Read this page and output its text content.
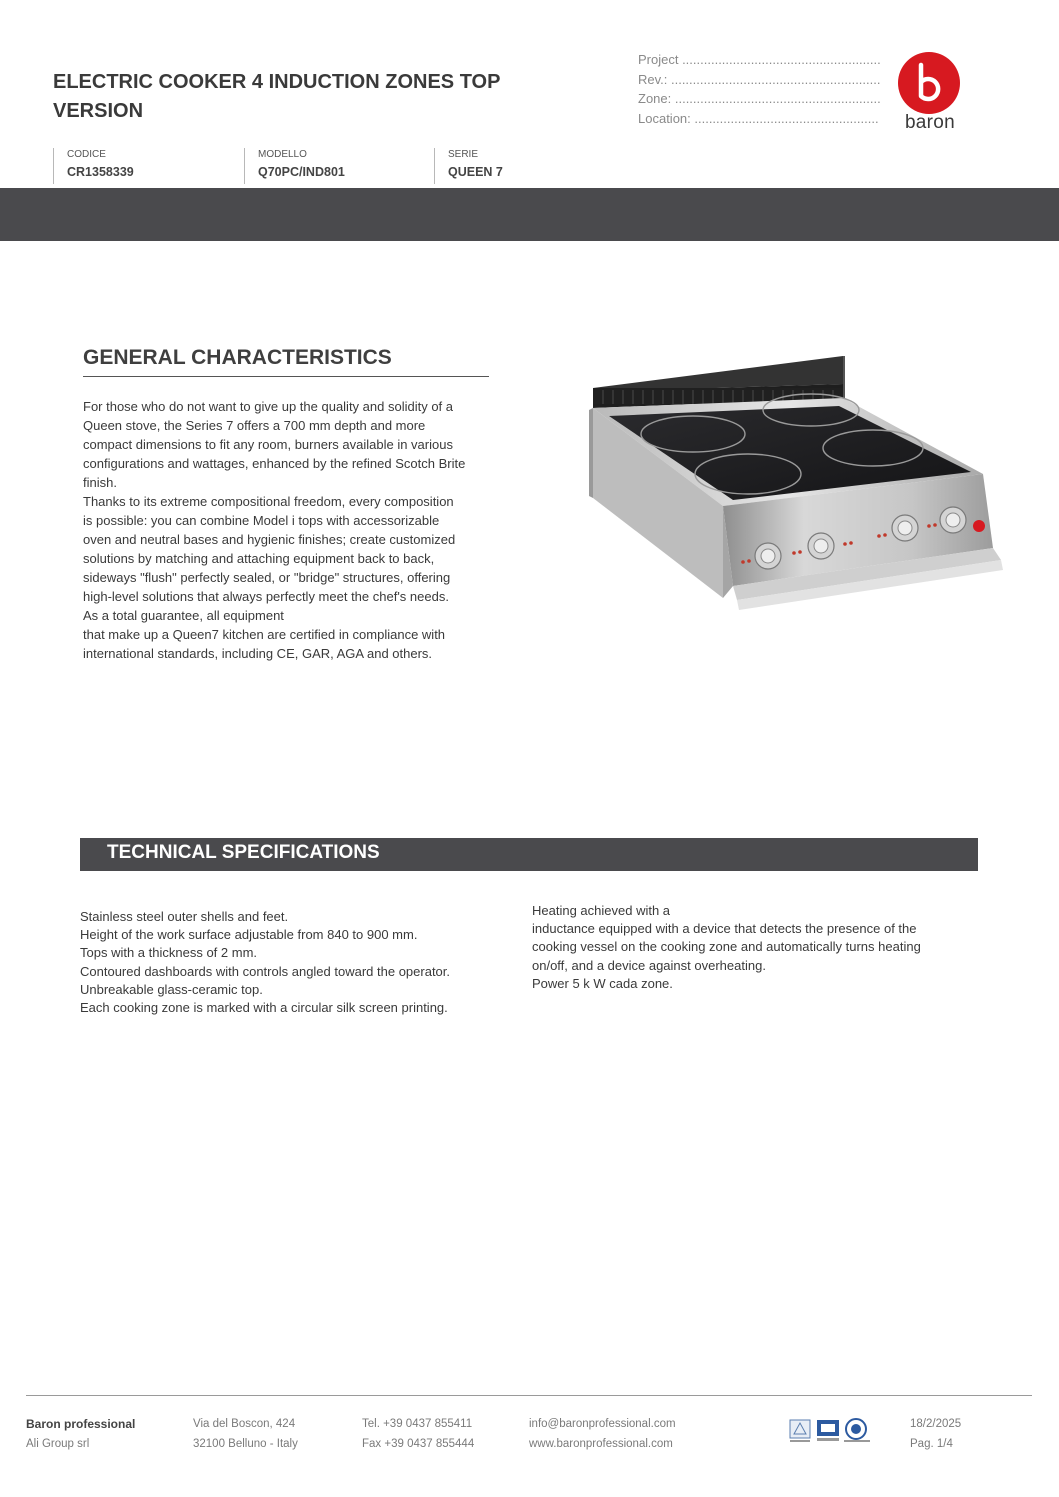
ELECTRIC COOKER 4 INDUCTION ZONES TOP VERSION
Project .......................................................
Rev.: ..........................................................
Zone: .........................................................
Location: ...................................................	baron
CODICE
CR1358339
MODELLO
Q70PC/IND801
SERIE
QUEEN 7
GENERAL CHARACTERISTICS

For those who do not want to give up the quality and solidity of a

Queen stove, the Series 7 offers a 700 mm depth and more

compact dimensions to fit any room, burners available in various

configurations and wattages, enhanced by the refined Scotch Brite

finish.

Thanks to its extreme compositional freedom, every composition

is possible: you can combine Model i tops with accessorizable

oven and neutral bases and hygienic finishes; create customized

solutions by matching and attaching equipment back to back,

sideways "flush" perfectly sealed, or "bridge" structures, offering

high-level solutions that always perfectly meet the chef's needs.

As a total guarantee, all equipment

that make up a Queen7 kitchen are certified in compliance with

international standards, including CE, GAR, AGA and others.

TECHNICAL SPECIFICATIONS
Stainless steel outer shells and feet.
Height of the work surface adjustable from 840 to 900 mm.
Tops with a thickness of 2 mm.
Contoured dashboards with controls angled toward the operator.
Unbreakable glass-ceramic top.
Each cooking zone is marked with a circular silk screen printing.
Heating achieved with a
inductance equipped with a device that detects the presence of the
cooking vessel on the cooking zone and automatically turns heating
on/off, and a device against overheating.
Power 5 k W cada zone.
Baron professional
Ali Group srl
Via del Boscon, 424
32100 Belluno - Italy
Tel. +39 0437 855411
Fax +39 0437 855444
info@baronprofessional.com
www.baronprofessional.com
18/2/2025
Pag. 1/4
